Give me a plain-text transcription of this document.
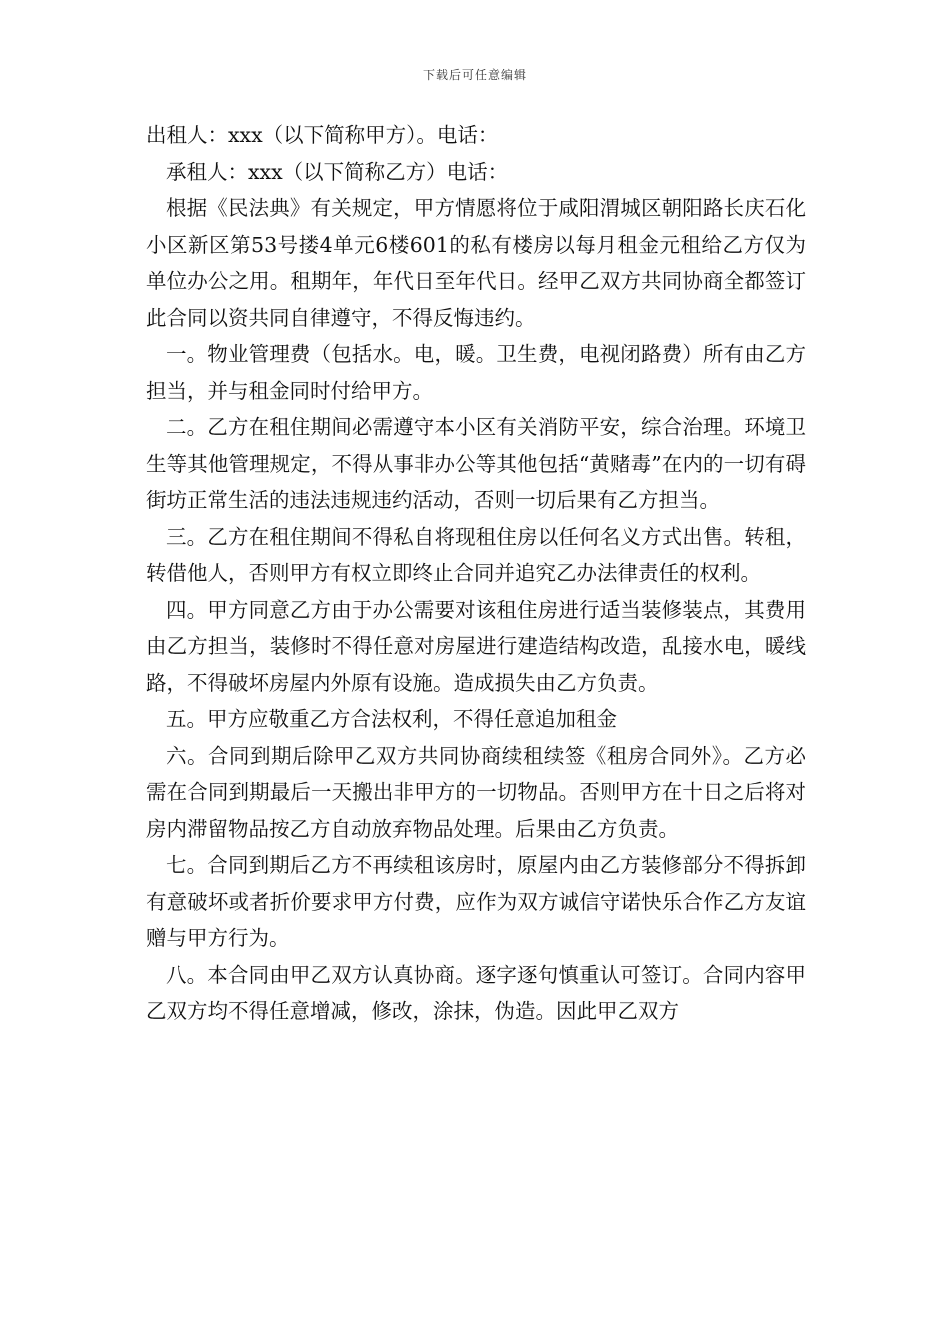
下载后可任意编辑

出租人：xxx（以下简称甲方）。电话：

承租人：xxx（以下简称乙方）电话：

根据《民法典》有关规定，甲方情愿将位于咸阳渭城区朝阳路长庆石化小区新区第53号搂4单元6楼601的私有楼房以每月租金元租给乙方仅为单位办公之用。租期年，年代日至年代日。经甲乙双方共同协商全都签订此合同以资共同自律遵守，不得反悔违约。

一。物业管理费（包括水。电，暖。卫生费，电视闭路费）所有由乙方担当，并与租金同时付给甲方。

二。乙方在租住期间必需遵守本小区有关消防平安，综合治理。环境卫生等其他管理规定，不得从事非办公等其他包括“黄赌毒”在内的一切有碍街坊正常生活的违法违规违约活动，否则一切后果有乙方担当。

三。乙方在租住期间不得私自将现租住房以任何名义方式出售。转租，转借他人，否则甲方有权立即终止合同并追究乙办法律责任的权利。

四。甲方同意乙方由于办公需要对该租住房进行适当装修装点，其费用由乙方担当，装修时不得任意对房屋进行建造结构改造，乱接水电，暖线路，不得破坏房屋内外原有设施。造成损失由乙方负责。

五。甲方应敬重乙方合法权利，不得任意追加租金

六。合同到期后除甲乙双方共同协商续租续签《租房合同外》。乙方必需在合同到期最后一天搬出非甲方的一切物品。否则甲方在十日之后将对房内滞留物品按乙方自动放弃物品处理。后果由乙方负责。

七。合同到期后乙方不再续租该房时，原屋内由乙方装修部分不得拆卸有意破坏或者折价要求甲方付费，应作为双方诚信守诺快乐合作乙方友谊赠与甲方行为。

八。本合同由甲乙双方认真协商。逐字逐句慎重认可签订。合同内容甲乙双方均不得任意增减，修改，涂抹，伪造。因此甲乙双方
